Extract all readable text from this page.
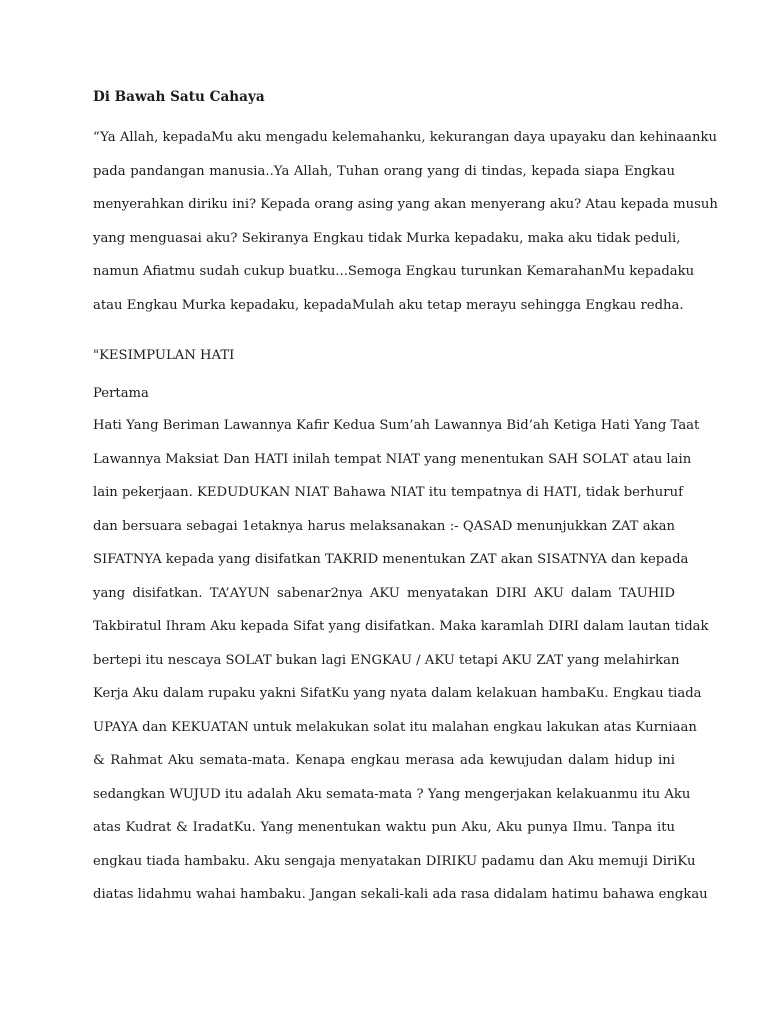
Di Bawah Satu Cahaya

“Ya Allah, kepadaMu aku mengadu kelemahanku, kekurangan daya upayaku dan kehinaanku
pada pandangan manusia..Ya Allah, Tuhan orang yang di tindas, kepada siapa Engkau
menyerahkan diriku ini? Kepada orang asing yang akan menyerang aku? Atau kepada musuh
yang menguasai aku? Sekiranya Engkau tidak Murka kepadaku, maka aku tidak peduli,
namun Afiatmu sudah cukup buatku...Semoga Engkau turunkan KemarahanMu kepadaku
atau Engkau Murka kepadaku, kepadaMulah aku tetap merayu sehingga Engkau redha.

"KESIMPULAN HATI

Pertama

Hati Yang Beriman Lawannya Kafir Kedua Sum’ah Lawannya Bid’ah Ketiga Hati Yang Taat
Lawannya Maksiat Dan HATI inilah tempat NIAT yang menentukan SAH SOLAT atau lain
lain pekerjaan. KEDUDUKAN NIAT Bahawa NIAT itu tempatnya di HATI, tidak berhuruf
dan bersuara sebagai 1etaknya harus melaksanakan :- QASAD menunjukkan ZAT akan
SIFATNYA kepada yang disifatkan TAKRID menentukan ZAT akan SISATNYA dan kepada
yang disifatkan. TA’AYUN sabenar2nya AKU menyatakan DIRI AKU dalam TAUHID
Takbiratul Ihram Aku kepada Sifat yang disifatkan. Maka karamlah DIRI dalam lautan tidak
bertepi itu nescaya SOLAT bukan lagi ENGKAU / AKU tetapi AKU ZAT yang melahirkan
Kerja Aku dalam rupaku yakni SifatKu yang nyata dalam kelakuan hambaKu. Engkau tiada
UPAYA dan KEKUATAN untuk melakukan solat itu malahan engkau lakukan atas Kurniaan
& Rahmat Aku semata-mata. Kenapa engkau merasa ada kewujudan dalam hidup ini
sedangkan WUJUD itu adalah Aku semata-mata ? Yang mengerjakan kelakuanmu itu Aku
atas Kudrat & IradatKu. Yang menentukan waktu pun Aku, Aku punya Ilmu. Tanpa itu
engkau tiada hambaku. Aku sengaja menyatakan DIRIKU padamu dan Aku memuji DiriKu
diatas lidahmu wahai hambaku. Jangan sekali-kali ada rasa didalam hatimu bahawa engkau
